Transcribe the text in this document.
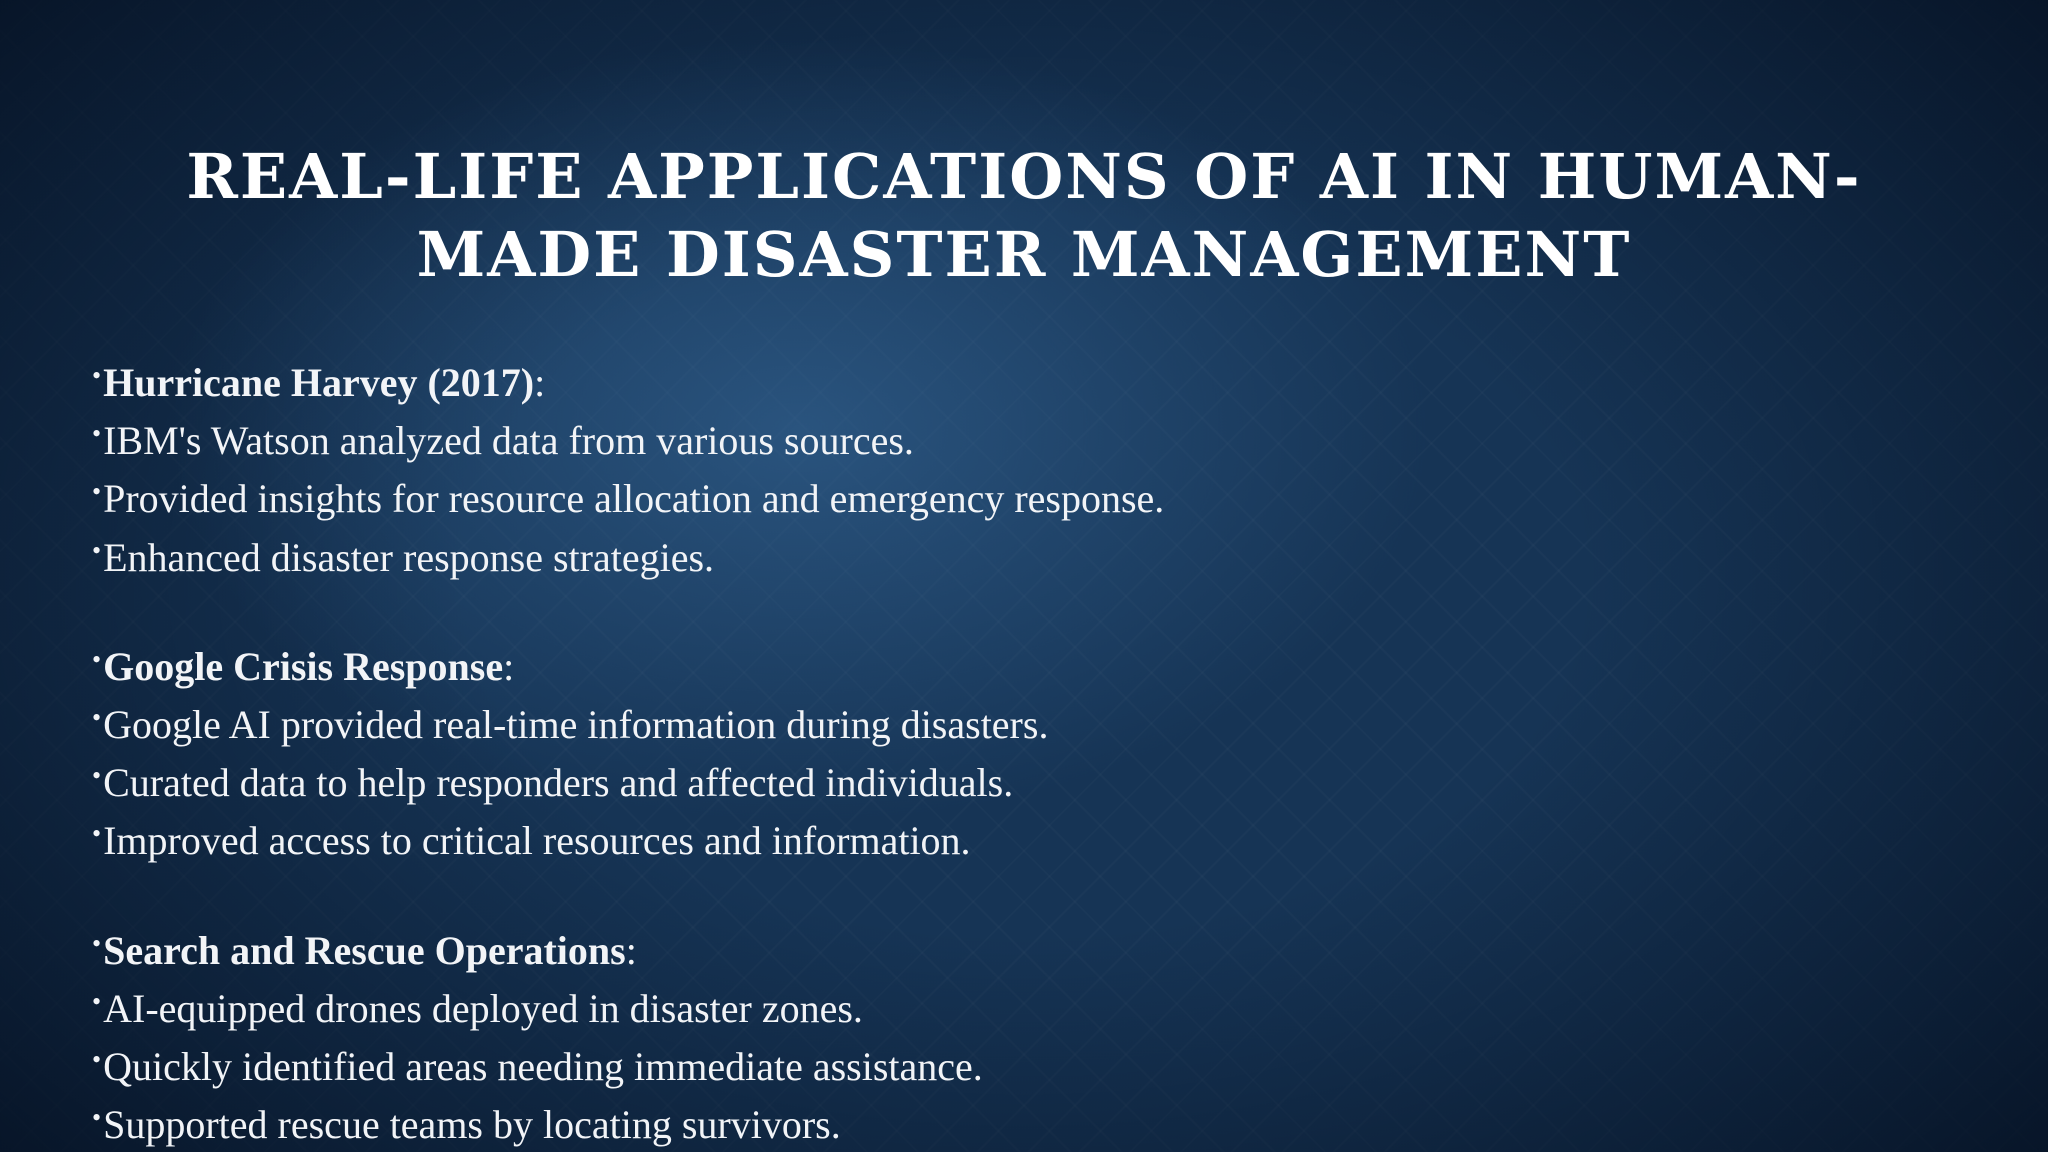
REAL-LIFE APPLICATIONS OF AI IN HUMAN-MADE DISASTER MANAGEMENT
•Hurricane Harvey (2017):
•IBM's Watson analyzed data from various sources.
•Provided insights for resource allocation and emergency response.
•Enhanced disaster response strategies.
•Google Crisis Response:
•Google AI provided real-time information during disasters.
•Curated data to help responders and affected individuals.
•Improved access to critical resources and information.
•Search and Rescue Operations:
•AI-equipped drones deployed in disaster zones.
•Quickly identified areas needing immediate assistance.
•Supported rescue teams by locating survivors.
